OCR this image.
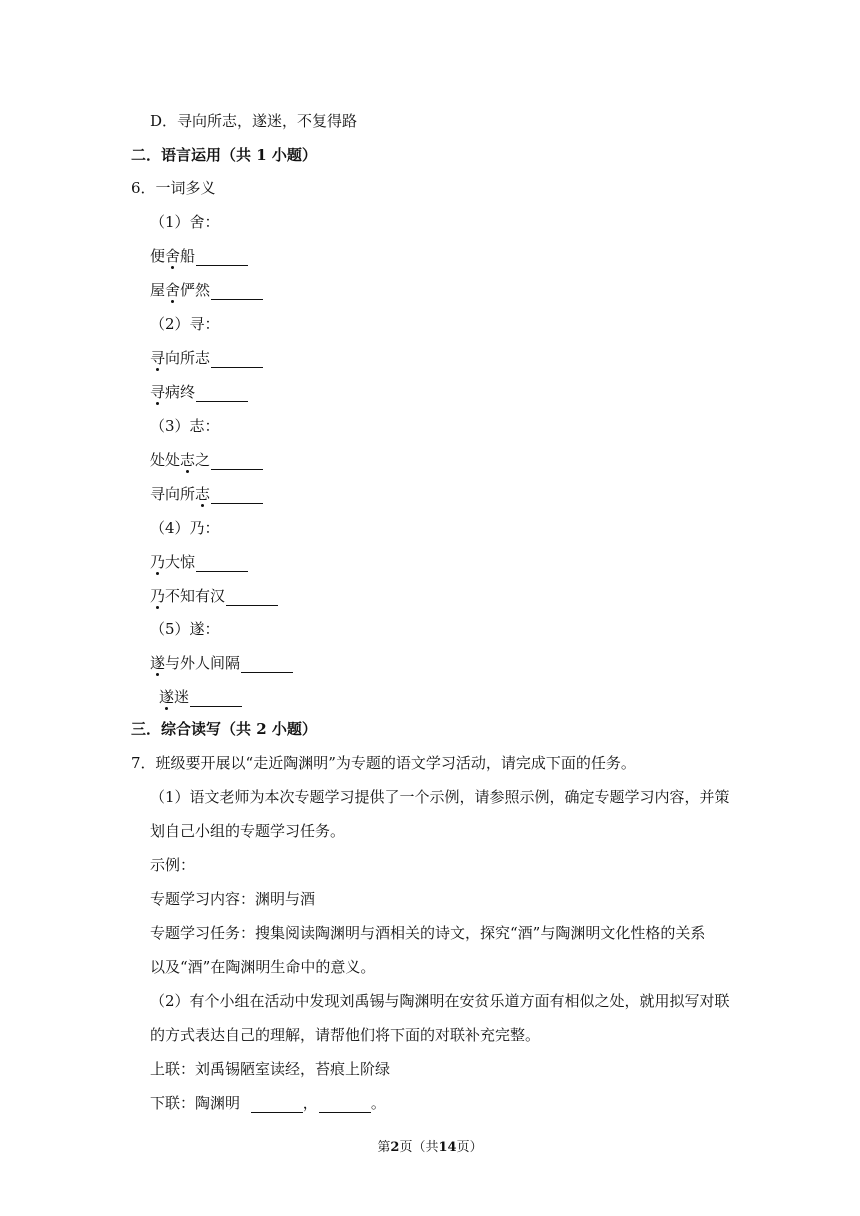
D．寻向所志，遂迷，不复得路
二．语言运用（共 1 小题）
6．一词多义
（1）舍：
便舍船
屋舍俨然
（2）寻：
寻向所志
寻病终
（3）志：
处处志之
寻向所志
（4）乃：
乃大惊
乃不知有汉
（5）遂：
遂与外人间隔
遂迷
三．综合读写（共 2 小题）
7．班级要开展以“走近陶渊明”为专题的语文学习活动，请完成下面的任务。
（1）语文老师为本次专题学习提供了一个示例，请参照示例，确定专题学习内容，并策
划自己小组的专题学习任务。
示例：
专题学习内容：渊明与酒
专题学习任务：搜集阅读陶渊明与酒相关的诗文，探究“酒”与陶渊明文化性格的关系
以及“酒”在陶渊明生命中的意义。
（2）有个小组在活动中发现刘禹锡与陶渊明在安贫乐道方面有相似之处，就用拟写对联
的方式表达自己的理解，请帮他们将下面的对联补充完整。
上联：刘禹锡陋室读经，苔痕上阶绿
下联：陶渊明	，	。
第2页（共14页）
